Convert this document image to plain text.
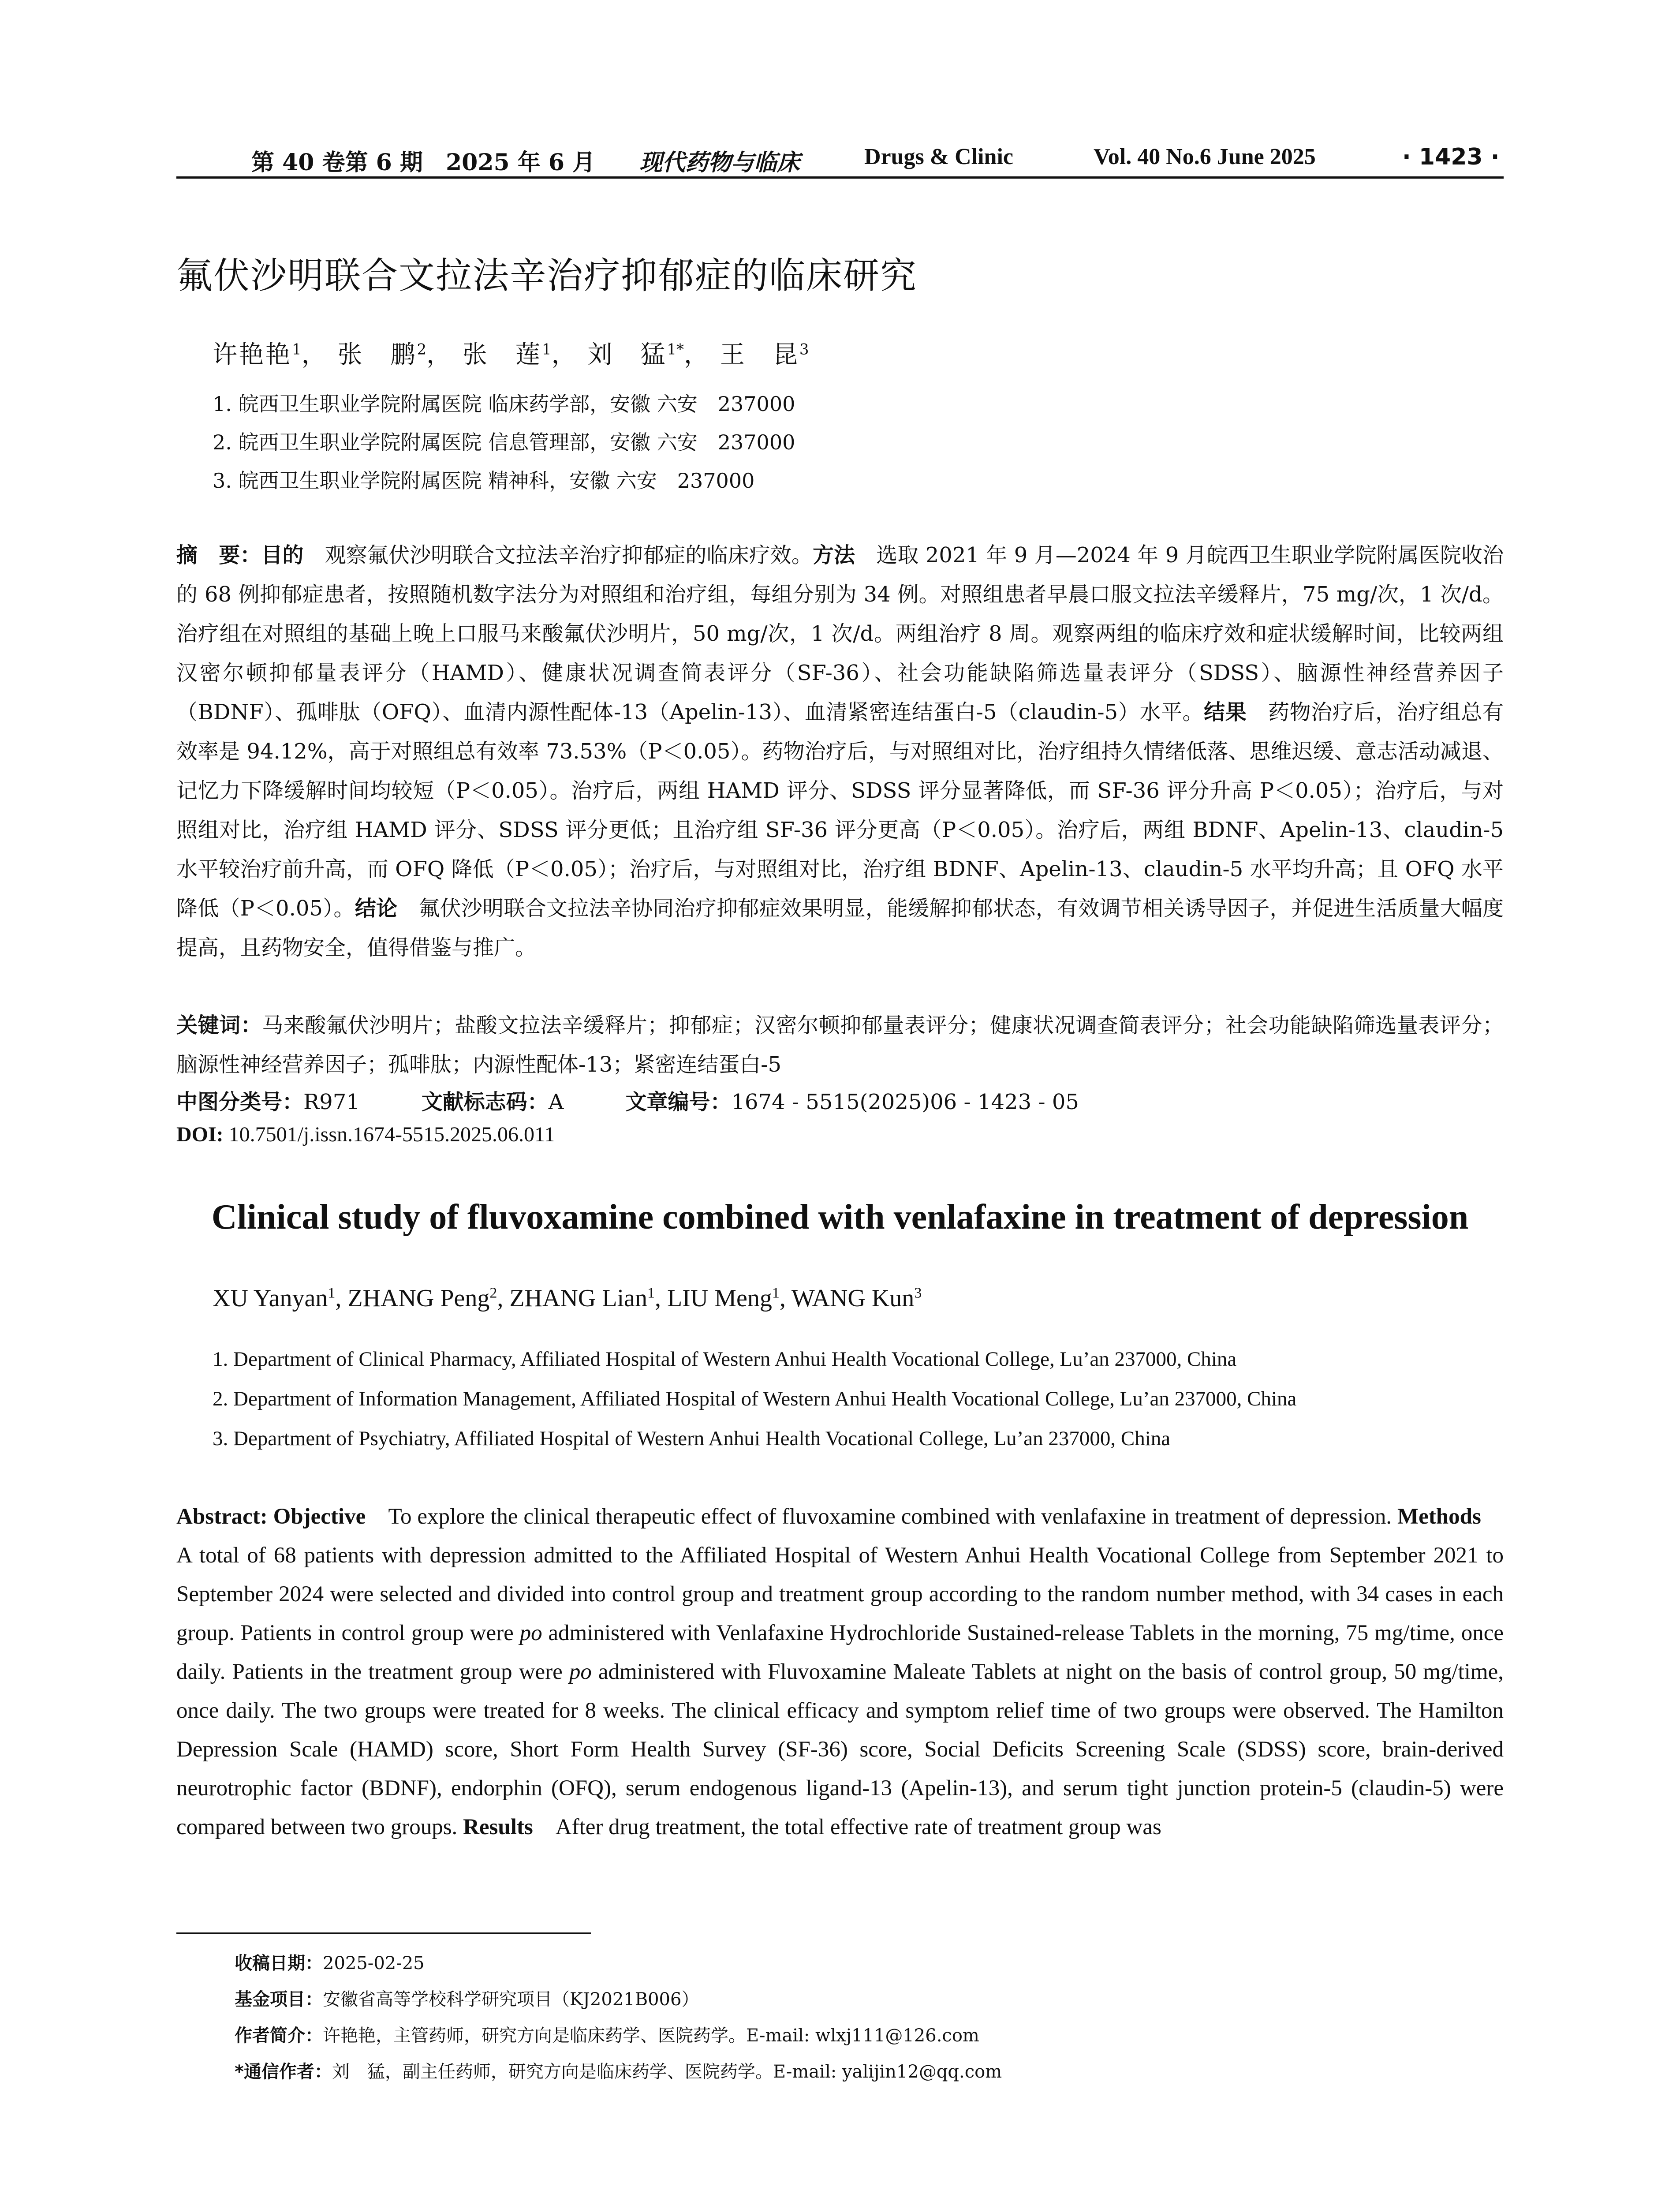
第 40 卷第 6 期　2025 年 6 月 现代药物与临床	Drugs & Clinic	Vol. 40 No.6 June 2025	· 1423 ·
氟伏沙明联合文拉法辛治疗抑郁症的临床研究
许艳艳$^1$， 张　鹏$^2$， 张　莲$^1$， 刘　猛$^{1*}$， 王　昆$^3$
1. 皖西卫生职业学院附属医院 临床药学部，安徽 六安　237000
2. 皖西卫生职业学院附属医院 信息管理部，安徽 六安　237000
3. 皖西卫生职业学院附属医院 精神科，安徽 六安　237000
摘　要：目的　观察氟伏沙明联合文拉法辛治疗抑郁症的临床疗效。方法　选取 2021 年 9 月—2024 年 9 月皖西卫生职业学院附属医院收治的 68 例抑郁症患者，按照随机数字法分为对照组和治疗组，每组分别为 34 例。对照组患者早晨口服文拉法辛缓释片，75 mg/次，1 次/d。治疗组在对照组的基础上晚上口服马来酸氟伏沙明片，50 mg/次，1 次/d。两组治疗 8 周。观察两组的临床疗效和症状缓解时间，比较两组汉密尔顿抑郁量表评分（HAMD）、健康状况调查简表评分（SF-36）、社会功能缺陷筛选量表评分（SDSS）、脑源性神经营养因子（BDNF）、孤啡肽（OFQ）、血清内源性配体-13（Apelin-13）、血清紧密连结蛋白-5（claudin-5）水平。结果　药物治疗后，治疗组总有效率是 94.12%，高于对照组总有效率 73.53%（P＜0.05）。药物治疗后，与对照组对比，治疗组持久情绪低落、思维迟缓、意志活动减退、记忆力下降缓解时间均较短（P＜0.05）。治疗后，两组 HAMD 评分、SDSS 评分显著降低，而 SF-36 评分升高 P＜0.05）；治疗后，与对照组对比，治疗组 HAMD 评分、SDSS 评分更低；且治疗组 SF-36 评分更高（P＜0.05）。治疗后，两组 BDNF、Apelin-13、claudin-5 水平较治疗前升高，而 OFQ 降低（P＜0.05）；治疗后，与对照组对比，治疗组 BDNF、Apelin-13、claudin-5 水平均升高；且 OFQ 水平降低（P＜0.05）。结论　氟伏沙明联合文拉法辛协同治疗抑郁症效果明显，能缓解抑郁状态，有效调节相关诱导因子，并促进生活质量大幅度提高，且药物安全，值得借鉴与推广。
关键词：马来酸氟伏沙明片；盐酸文拉法辛缓释片；抑郁症；汉密尔顿抑郁量表评分；健康状况调查简表评分；社会功能缺陷筛选量表评分；脑源性神经营养因子；孤啡肽；内源性配体-13；紧密连结蛋白-5
中图分类号：R971	文献标志码：A	文章编号：1674 - 5515(2025)06 - 1423 - 05
DOI: 10.7501/j.issn.1674-5515.2025.06.011
Clinical study of fluvoxamine combined with venlafaxine in treatment of depression
XU Yanyan$^1$, ZHANG Peng$^2$, ZHANG Lian$^1$, LIU Meng$^1$, WANG Kun$^3$
1. Department of Clinical Pharmacy, Affiliated Hospital of Western Anhui Health Vocational College, Lu’an 237000, China
2. Department of Information Management, Affiliated Hospital of Western Anhui Health Vocational College, Lu’an 237000, China
3. Department of Psychiatry, Affiliated Hospital of Western Anhui Health Vocational College, Lu’an 237000, China
Abstract: Objective　To explore the clinical therapeutic effect of fluvoxamine combined with venlafaxine in treatment of depression. Methods　A total of 68 patients with depression admitted to the Affiliated Hospital of Western Anhui Health Vocational College from September 2021 to September 2024 were selected and divided into control group and treatment group according to the random number method, with 34 cases in each group. Patients in control group were po administered with Venlafaxine Hydrochloride Sustained-release Tablets in the morning, 75 mg/time, once daily. Patients in the treatment group were po administered with Fluvoxamine Maleate Tablets at night on the basis of control group, 50 mg/time, once daily. The two groups were treated for 8 weeks. The clinical efficacy and symptom relief time of two groups were observed. The Hamilton Depression Scale (HAMD) score, Short Form Health Survey (SF-36) score, Social Deficits Screening Scale (SDSS) score, brain-derived neurotrophic factor (BDNF), endorphin (OFQ), serum endogenous ligand-13 (Apelin-13), and serum tight junction protein-5 (claudin-5) were compared between two groups. Results　After drug treatment, the total effective rate of treatment group was
收稿日期：2025-02-25
基金项目：安徽省高等学校科学研究项目（KJ2021B006）
作者简介：许艳艳，主管药师，研究方向是临床药学、医院药学。E-mail: wlxj111@126.com
*通信作者：刘　猛，副主任药师，研究方向是临床药学、医院药学。E-mail: yalijin12@qq.com
